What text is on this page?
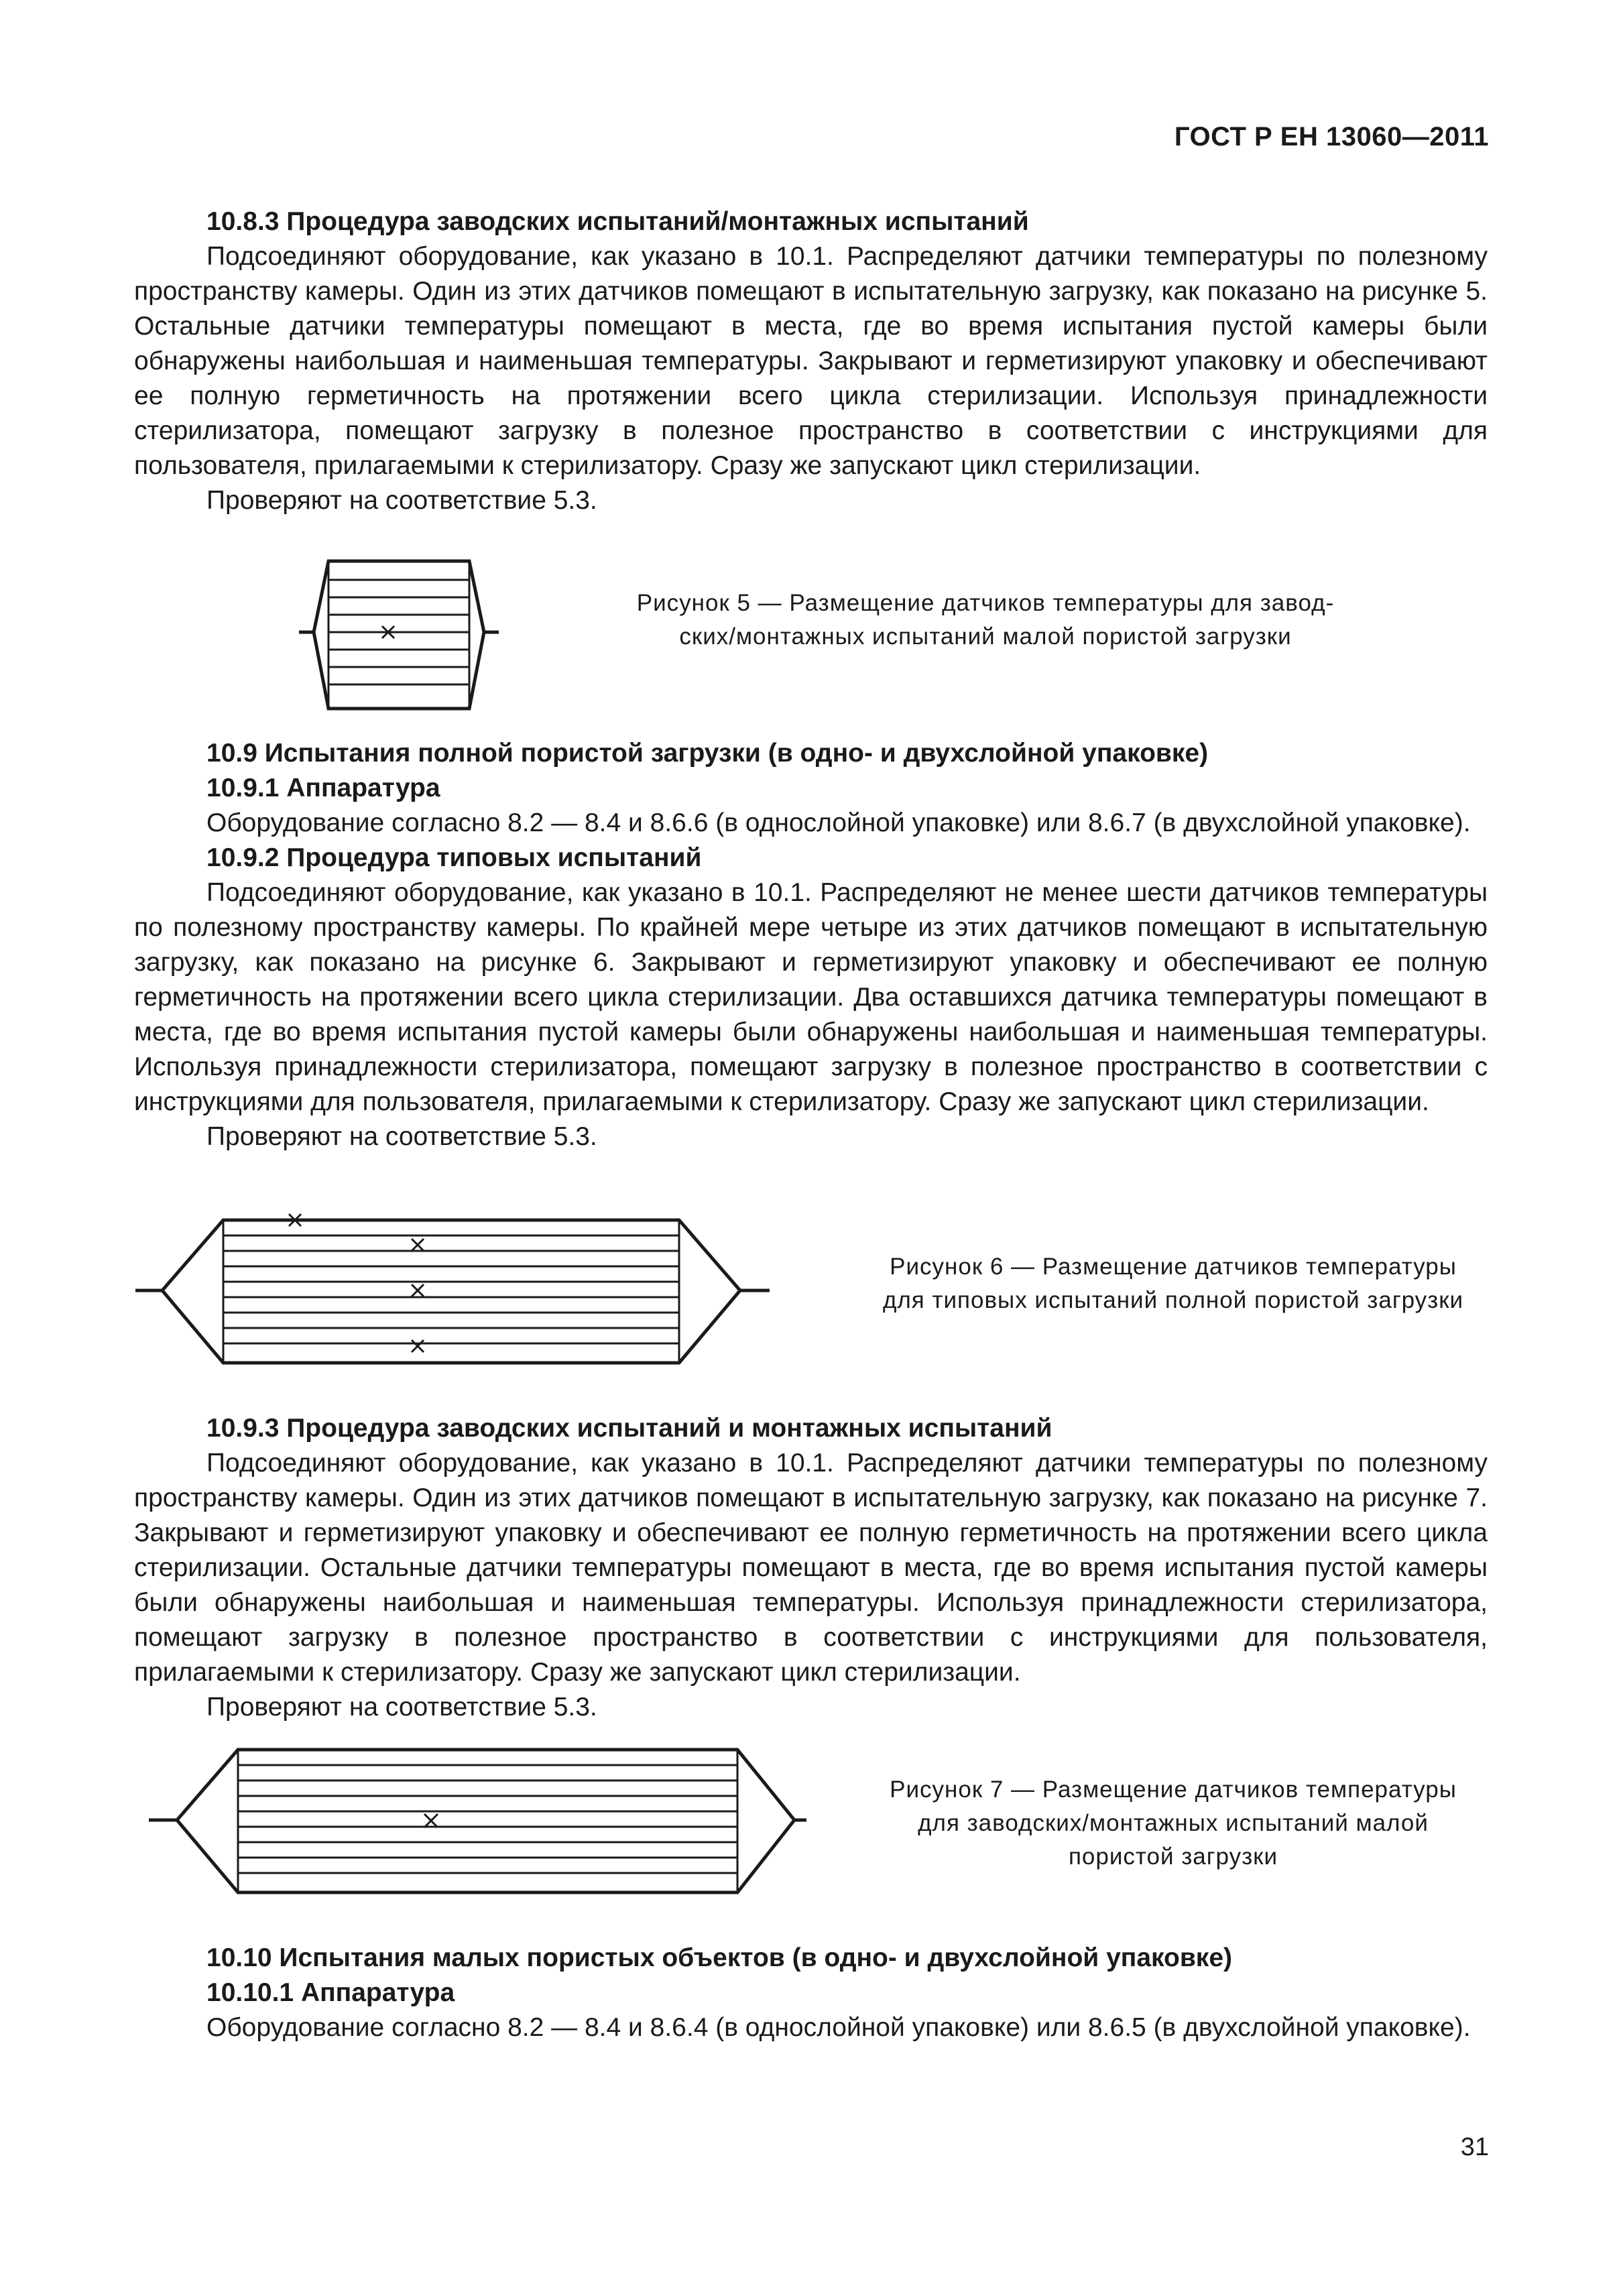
ГОСТ Р ЕН 13060—2011

10.8.3 Процедура заводских испытаний/монтажных испытаний

Подсоединяют оборудование, как указано в 10.1. Распределяют датчики температуры по полезному пространству камеры. Один из этих датчиков помещают в испытательную загрузку, как показано на рисунке 5. Остальные датчики температуры помещают в места, где во время испытания пустой камеры были обнаружены наибольшая и наименьшая температуры. Закрывают и герметизируют упаковку и обеспечивают ее полную герметичность на протяжении всего цикла стерилизации. Используя принадлежности стерилизатора, помещают загрузку в полезное пространство в соответствии с инструкциями для пользователя, прилагаемыми к стерилизатору. Сразу же запускают цикл стерилизации.

Проверяют на соответствие 5.3.

Рисунок 5 — Размещение датчиков температуры для завод-
ских/монтажных испытаний малой пористой загрузки

10.9 Испытания полной пористой загрузки (в одно- и двухслойной упаковке)

10.9.1 Аппаратура

Оборудование согласно 8.2 — 8.4 и 8.6.6 (в однослойной упаковке) или 8.6.7 (в двухслойной упаковке).

10.9.2 Процедура типовых испытаний

Подсоединяют оборудование, как указано в 10.1. Распределяют не менее шести датчиков температуры по полезному пространству камеры. По крайней мере четыре из этих датчиков помещают в испытательную загрузку, как показано на рисунке 6. Закрывают и герметизируют упаковку и обеспечивают ее полную герметичность на протяжении всего цикла стерилизации. Два оставшихся датчика температуры помещают в места, где во время испытания пустой камеры были обнаружены наибольшая и наименьшая температуры. Используя принадлежности стерилизатора, помещают загрузку в полезное пространство в соответствии с инструкциями для пользователя, прилагаемыми к стерилизатору. Сразу же запускают цикл стерилизации.

Проверяют на соответствие 5.3.

Рисунок 6 — Размещение датчиков температуры
для типовых испытаний полной пористой загрузки

10.9.3 Процедура заводских испытаний и монтажных испытаний

Подсоединяют оборудование, как указано в 10.1. Распределяют датчики температуры по полезному пространству камеры. Один из этих датчиков помещают в испытательную загрузку, как показано на рисунке 7. Закрывают и герметизируют упаковку и обеспечивают ее полную герметичность на протяжении всего цикла стерилизации. Остальные датчики температуры помещают в места, где во время испытания пустой камеры были обнаружены наибольшая и наименьшая температуры. Используя принадлежности стерилизатора, помещают загрузку в полезное пространство в соответствии с инструкциями для пользователя, прилагаемыми к стерилизатору. Сразу же запускают цикл стерилизации.

Проверяют на соответствие 5.3.

Рисунок 7 — Размещение датчиков температуры
для заводских/монтажных испытаний малой
пористой загрузки

10.10 Испытания малых пористых объектов (в одно- и двухслойной упаковке)

10.10.1 Аппаратура

Оборудование согласно 8.2 — 8.4 и 8.6.4 (в однослойной упаковке) или 8.6.5 (в двухслойной упаковке).

31
